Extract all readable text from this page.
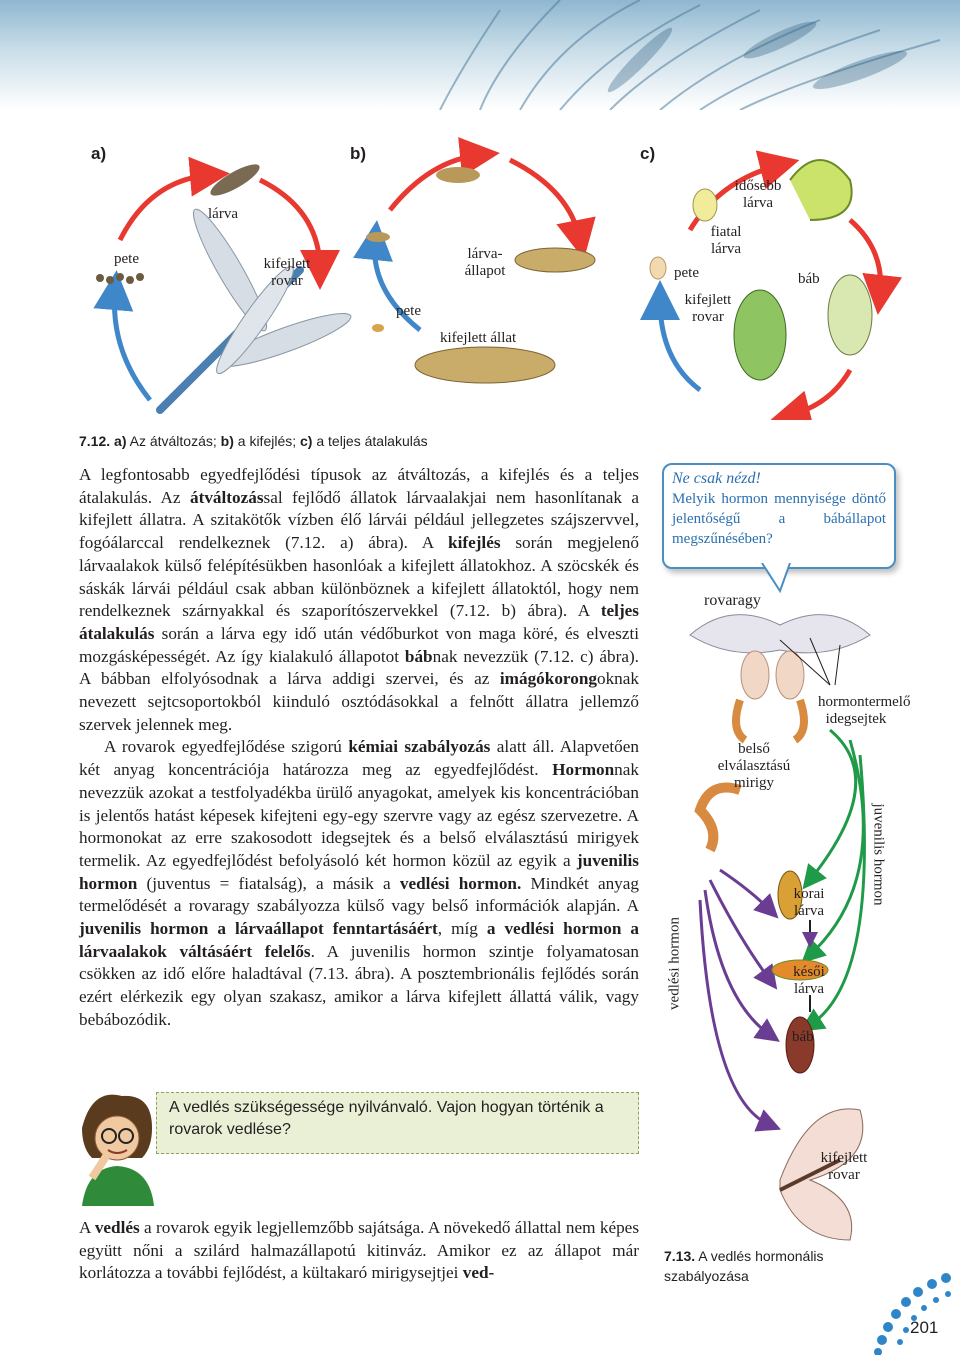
a)	b)	c)
lárva
pete	kifejlett rovar
lárva- állapot
pete
kifejlett állat
idősebb lárva
fiatal lárva
pete	báb
kifejlett rovar
7.12. a) Az átváltozás; b) a kifejlés; c) a teljes átalakulás

A legfontosabb egyedfejlődési típusok az átváltozás, a kifejlés és a teljes átalakulás. Az átváltozással fejlődő állatok lárvaalakjai nem hasonlítanak a kifejlett állatra. A szitakötők vízben élő lárvái például jellegzetes szájszervvel, fogóálarccal rendelkeznek (7.12. a) ábra). A kifejlés során megjelenő lárvaalakok külső felépítésükben hasonlóak a kifejlett állatokhoz. A szöcskék és sáskák lárvái például csak abban különböznek a kifejlett állatoktól, hogy nem rendelkeznek szárnyakkal és szaporítószervekkel (7.12. b) ábra). A teljes átalakulás során a lárva egy idő után védőburkot von maga köré, és elveszti mozgásképességét. Az így kialakuló állapotot bábnak nevezzük (7.12. c) ábra). A bábban elfolyósodnak a lárva addigi szervei, és az imágókorongoknak nevezett sejtcsoportokból kiinduló osztódásokkal a felnőtt állatra jellemző szervek jelennek meg.

A rovarok egyedfejlődése szigorú kémiai szabályozás alatt áll. Alapvetően két anyag koncentrációja határozza meg az egyedfejlődést. Hormonnak nevezzük azokat a testfolyadékba ürülő anyagokat, amelyek kis koncentrációban is jelentős hatást képesek kifejteni egy-egy szervre vagy az egész szervezetre. A hormonokat az erre szakosodott idegsejtek és a belső elválasztású mirigyek termelik. Az egyedfejlődést befolyásoló két hormon közül az egyik a juvenilis hormon (juventus = fiatalság), a másik a vedlési hormon. Mindkét anyag termelődését a rovaragy szabályozza külső vagy belső információk alapján. A juvenilis hormon a lárvaállapot fenntartásáért, míg a vedlési hormon a lárvaalakok váltásáért felelős. A juvenilis hormon szintje folyamatosan csökken az idő előre haladtával (7.13. ábra). A posztembrionális fejlődés során ezért elérkezik egy olyan szakasz, amikor a lárva kifejlett állattá válik, vagy bebábozódik.

Ne csak nézd!
Melyik hormon mennyisége döntő jelentőségű a bábállapot megszűnésében?
rovaragy
hormontermelő idegsejtek
belső elválasztású mirigy
korai lárva
késői lárva
báb
kifejlett rovar
vedlési hormon
juvenilis hormon
A vedlés szükségessége nyilvánvaló. Vajon hogyan történik a rovarok vedlése?

A vedlés a rovarok egyik legjellemzőbb sajátsága. A növekedő állattal nem képes együtt nőni a szilárd halmazállapotú kitinváz. Amikor ez az állapot már korlátozza a további fejlődést, a kültakaró mirigysejtjei ved-

7.13. A vedlés hormonális szabályozása
201
